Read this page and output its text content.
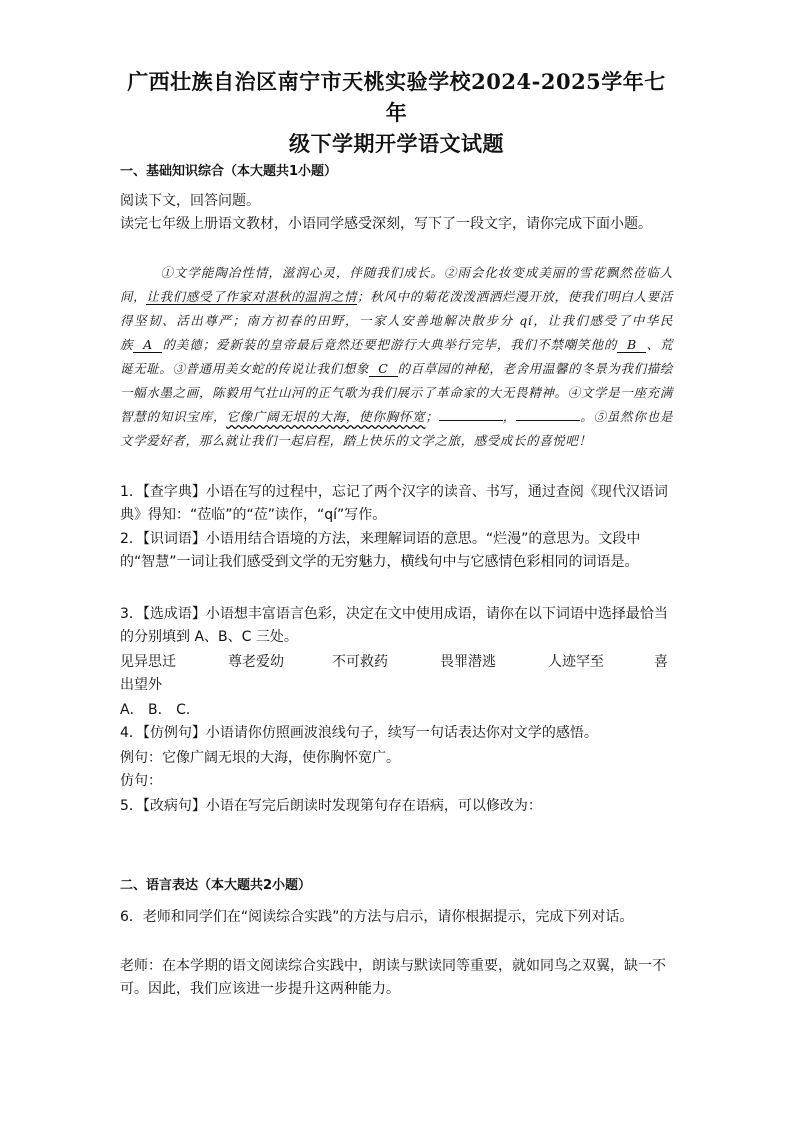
广西壮族自治区南宁市天桃实验学校2024-2025学年七年
级下学期开学语文试题
一、基础知识综合（本大题共1小题）
阅读下文，回答问题。
读完七年级上册语文教材，小语同学感受深刻，写下了一段文字，请你完成下面小题。
①文学能陶冶性情，滋润心灵，伴随我们成长。②雨会化妆变成美丽的雪花飘然莅临人间，让我们感受了作家对湛秋的温润之情；秋风中的菊花泼泼洒洒烂漫开放，使我们明白人要活得坚韧、活出尊严；南方初春的田野，一家人安善地解决散步分 qí，让我们感受了中华民族 A 的美德；爱新装的皇帝最后竟然还要把游行大典举行完毕，我们不禁嘲笑他的 B 、荒诞无耻。③普通用美女蛇的传说让我们想象 C 的百草园的神秘，老舍用温馨的冬景为我们描绘一幅水墨之画，陈毅用气壮山河的正气歌为我们展示了革命家的大无畏精神。④文学是一座充满智慧的知识宝库，它像广阔无垠的大海，使你胸怀宽；	，	。⑤虽然你也是文学爱好者，那么就让我们一起启程，踏上快乐的文学之旅，感受成长的喜悦吧！
1．【查字典】小语在写的过程中，忘记了两个汉字的读音、书写，通过查阅《现代汉语词典》得知：“莅临”的“莅”读作，“qí”写作。
2．【识词语】小语用结合语境的方法，来理解词语的意思。“烂漫”的意思为。文段中的“智慧”一词让我们感受到文学的无穷魅力，横线句中与它感情色彩相同的词语是。
3．【选成语】小语想丰富语言色彩，决定在文中使用成语，请你在以下词语中选择最恰当的分别填到 A、B、C 三处。
见异思迁	尊老爱幼	不可救药	畏罪潜逃	人迹罕至	喜
出望外
A． B． C．
4．【仿例句】小语请你仿照画波浪线句子，续写一句话表达你对文学的感悟。
例句：它像广阔无垠的大海，使你胸怀宽广。
仿句：
5．【改病句】小语在写完后朗读时发现第句存在语病，可以修改为：
二、语言表达（本大题共2小题）
6．老师和同学们在“阅读综合实践”的方法与启示，请你根据提示，完成下列对话。
老师：在本学期的语文阅读综合实践中，朗读与默读同等重要，就如同鸟之双翼，缺一不可。因此，我们应该进一步提升这两种能力。
